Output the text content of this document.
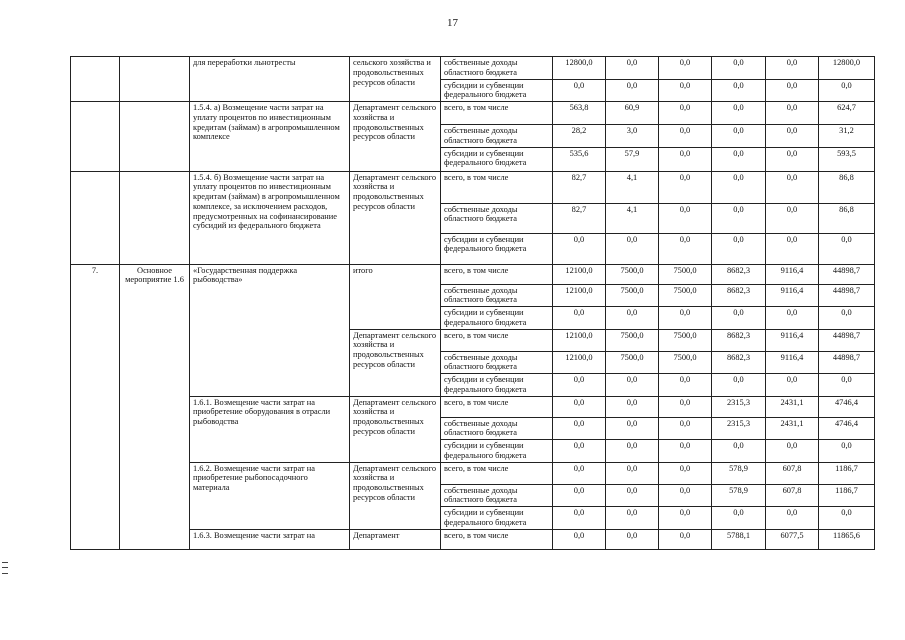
17
		для переработки льнотресты	сельского хозяйства и продовольственных ресурсов области	собственные доходы областного бюджета	12800,0	0,0	0,0	0,0	0,0	12800,0
				субсидии и субвенции федерального бюджета	0,0	0,0	0,0	0,0	0,0	0,0
		1.5.4. а) Возмещение части затрат на уплату процентов по инвестиционным кредитам (займам) в агропромышленном комплексе	Департамент сельского хозяйства и продовольственных ресурсов области	всего, в том числе	563,8	60,9	0,0	0,0	0,0	624,7
				собственные доходы областного бюджета	28,2	3,0	0,0	0,0	0,0	31,2
				субсидии и субвенции федерального бюджета	535,6	57,9	0,0	0,0	0,0	593,5
		1.5.4. б) Возмещение части затрат на уплату процентов по инвестиционным кредитам (займам) в агропромышленном комплексе, за исключением расходов, предусмотренных на софинансирование субсидий из федерального бюджета	Департамент сельского хозяйства и продовольственных ресурсов области	всего, в том числе	82,7	4,1	0,0	0,0	0,0	86,8
				собственные доходы областного бюджета	82,7	4,1	0,0	0,0	0,0	86,8
				субсидии и субвенции федерального бюджета	0,0	0,0	0,0	0,0	0,0	0,0
7.	Основное мероприятие 1.6	«Государственная поддержка рыбоводства»	итого	всего, в том числе	12100,0	7500,0	7500,0	8682,3	9116,4	44898,7
				собственные доходы областного бюджета	12100,0	7500,0	7500,0	8682,3	9116,4	44898,7
				субсидии и субвенции федерального бюджета	0,0	0,0	0,0	0,0	0,0	0,0
			Департамент сельского хозяйства и продовольственных ресурсов области	всего, в том числе	12100,0	7500,0	7500,0	8682,3	9116,4	44898,7
				собственные доходы областного бюджета	12100,0	7500,0	7500,0	8682,3	9116,4	44898,7
				субсидии и субвенции федерального бюджета	0,0	0,0	0,0	0,0	0,0	0,0
		1.6.1. Возмещение части затрат на приобретение оборудования в отрасли рыбоводства	Департамент сельского хозяйства и продовольственных ресурсов области	всего, в том числе	0,0	0,0	0,0	2315,3	2431,1	4746,4
				собственные доходы областного бюджета	0,0	0,0	0,0	2315,3	2431,1	4746,4
				субсидии и субвенции федерального бюджета	0,0	0,0	0,0	0,0	0,0	0,0
		1.6.2. Возмещение части затрат на приобретение рыбопосадочного материала	Департамент сельского хозяйства и продовольственных ресурсов области	всего, в том числе	0,0	0,0	0,0	578,9	607,8	1186,7
				собственные доходы областного бюджета	0,0	0,0	0,0	578,9	607,8	1186,7
				субсидии и субвенции федерального бюджета	0,0	0,0	0,0	0,0	0,0	0,0
		1.6.3. Возмещение части затрат на	Департамент	всего, в том числе	0,0	0,0	0,0	5788,1	6077,5	11865,6
